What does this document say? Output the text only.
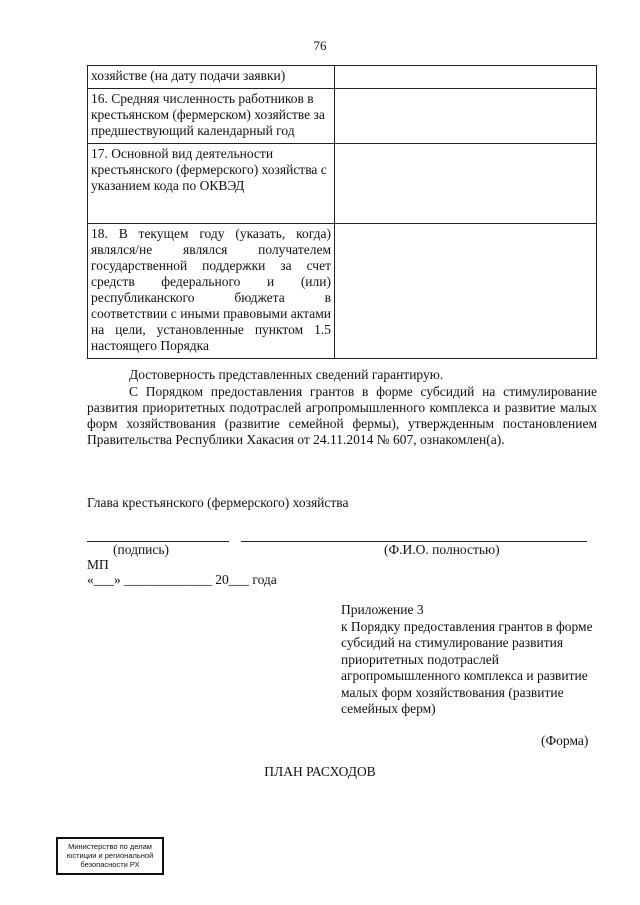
76
хозяйстве (на дату подачи заявки)	
16. Средняя численность работников в крестьянском (фермерском) хозяйстве за предшествующий календарный год	
17. Основной вид деятельности крестьянского (фермерского) хозяйства с указанием кода по ОКВЭД	
18. В текущем году (указать, когда) являлся/не являлся получателем государственной поддержки за счет средств федерального и (или) республиканского бюджета в соответствии с иными правовыми актами на цели, установленные пунктом 1.5 настоящего Порядка	
Достоверность представленных сведений гарантирую.
С Порядком предоставления грантов в форме субсидий на стимулирование развития приоритетных подотраслей агропромышленного комплекса и развитие малых форм хозяйствования (развитие семейной фермы), утвержденным постановлением Правительства Республики Хакасия от 24.11.2014 № 607, ознакомлен(а).
Глава крестьянского (фермерского) хозяйства
(подпись)	(Ф.И.О. полностью)
МП
«___» _____________ 20___ года
Приложение 3
к Порядку предоставления грантов в форме субсидий на стимулирование развития приоритетных подотраслей агропромышленного комплекса и развитие малых форм хозяйствования (развитие семейных ферм)
(Форма)
ПЛАН РАСХОДОВ
Министерство по делам
юстиции и региональной
безопасности РХ
